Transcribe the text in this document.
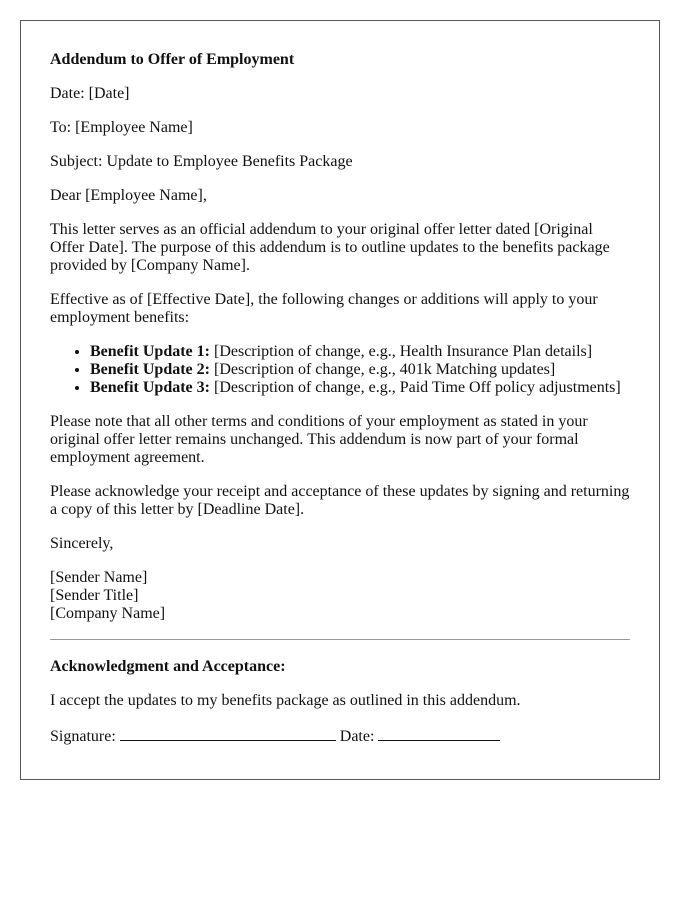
Addendum to Offer of Employment

Date: [Date]

To: [Employee Name]

Subject: Update to Employee Benefits Package

Dear [Employee Name],

This letter serves as an official addendum to your original offer letter dated [Original Offer Date]. The purpose of this addendum is to outline updates to the benefits package provided by [Company Name].

Effective as of [Effective Date], the following changes or additions will apply to your employment benefits:

• Benefit Update 1: [Description of change, e.g., Health Insurance Plan details]
• Benefit Update 2: [Description of change, e.g., 401k Matching updates]
• Benefit Update 3: [Description of change, e.g., Paid Time Off policy adjustments]

Please note that all other terms and conditions of your employment as stated in your original offer letter remains unchanged. This addendum is now part of your formal employment agreement.

Please acknowledge your receipt and acceptance of these updates by signing and returning a copy of this letter by [Deadline Date].

Sincerely,

[Sender Name]
[Sender Title]
[Company Name]

Acknowledgment and Acceptance:

I accept the updates to my benefits package as outlined in this addendum.

Signature:	Date:
